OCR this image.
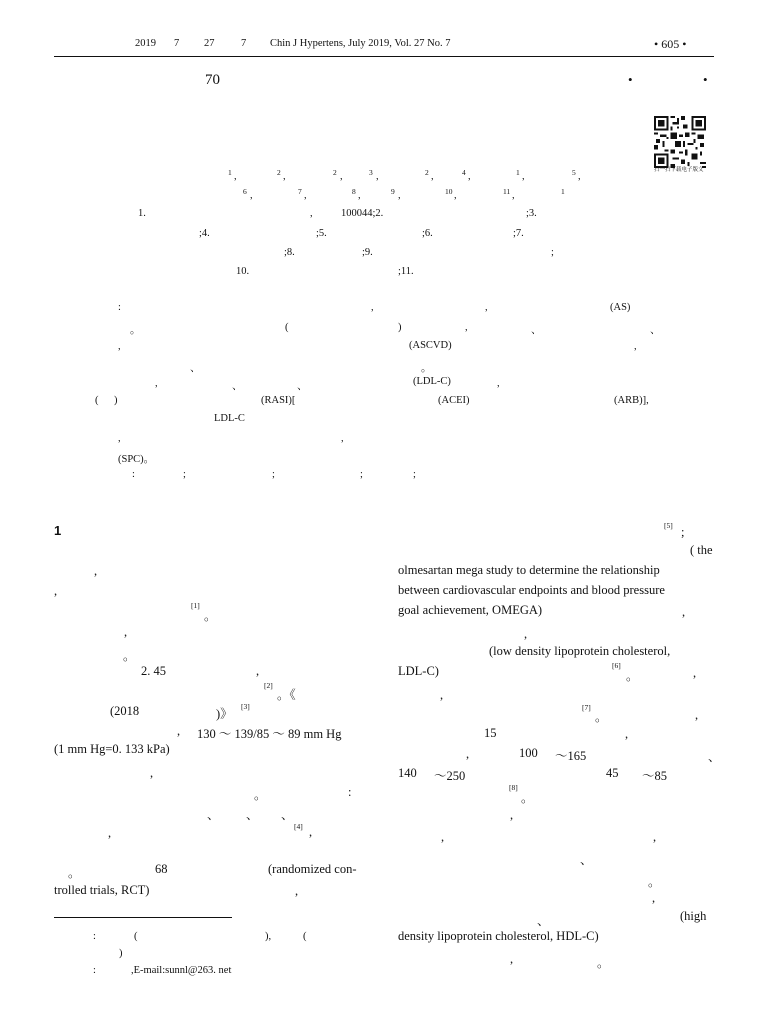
2019 7 27	7 Chin J Hypertens, July 2019, Vol. 27 No. 7	• 605 •
70	•	•
扫一扫下载电子版文
1 ,	2 ,	2 ,	3 ,	2 ,	4 ,	1 ,	5 ,
6 ,	7 ,	8 ,	9 ,	10 ,	11 ,	1
1.	,	100044;2.	;3.
;4.	;5.	;6.	;7.
;8.	;9.	;
10.	;11.
:	,	,	(AS)
。	(	)	,	、	、
,	(ASCVD)	,
、	。
,	、	、	(LDL-C)	,
( )	(RASI)[	(ACEI)	(ARB)],
LDL-C
,	,
(SPC)。
:	;	;	;	;
1
,
,
[1]
。
,
。
2. 45	,
[2]
。《
(2018	)》
[3]
, 130 ～ 139/85 ～ 89 mm Hg
(1 mm Hg=0. 133 kPa)
,
。	:
、 、 、
,	[4] ,
。	68	(randomized con-
trolled trials, RCT)	,
:	(	),	(
)
:	,E-mail:sunnl@263. net
[5] ;
( the
olmesartan mega study to determine the relationship
between cardiovascular endpoints and blood pressure
goal achievement, OMEGA)	,
,
(low density lipoprotein cholesterol,
LDL-C)	[6]
。	,
,
[7]
。	,
15	,
,	100 ～165	、
140 ～250	45 ～85
[8]
。
,
,	,
、
。
,
、	(high
density lipoprotein cholesterol, HDL-C)
,	。
